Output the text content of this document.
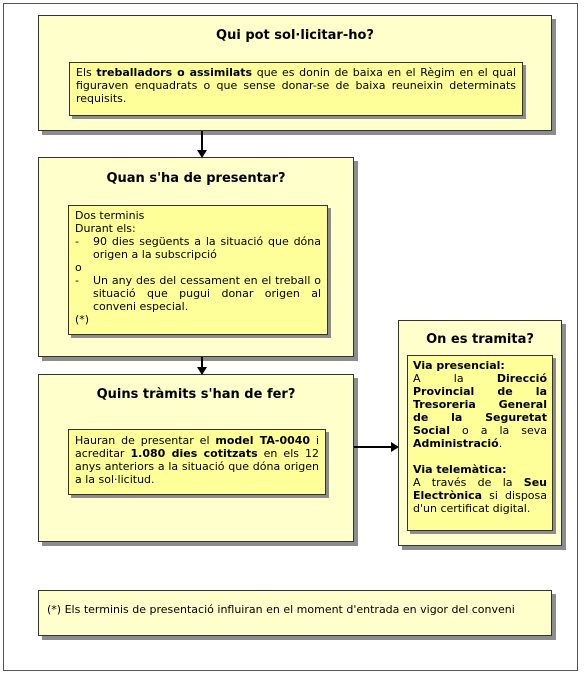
Qui pot sol·licitar-ho?
Els treballadors o assimilats que es donin de baixa en el Règim en el qual figuraven enquadrats o que sense donar-se de baixa reuneixin determinats requisits.
Quan s'ha de presentar?
Dos terminis
Durant els:
- 90 dies següents a la situació que dóna origen a la subscripció
o
- Un any des del cessament en el treball o situació que pugui donar origen al conveni especial.
(*)
Quins tràmits s'han de fer?
Hauran de presentar el model TA-0040 i acreditar 1.080 dies cotitzats en els 12 anys anteriors a la situació que dóna origen a la sol·licitud.
On es tramita?
Via presencial:
A la Direcció Provincial de la Tresoreria General de la Seguretat Social o a la seva Administració.
Via telemàtica:
A través de la Seu Electrònica si disposa d'un certificat digital.
(*) Els terminis de presentació influiran en el moment d'entrada en vigor del conveni
